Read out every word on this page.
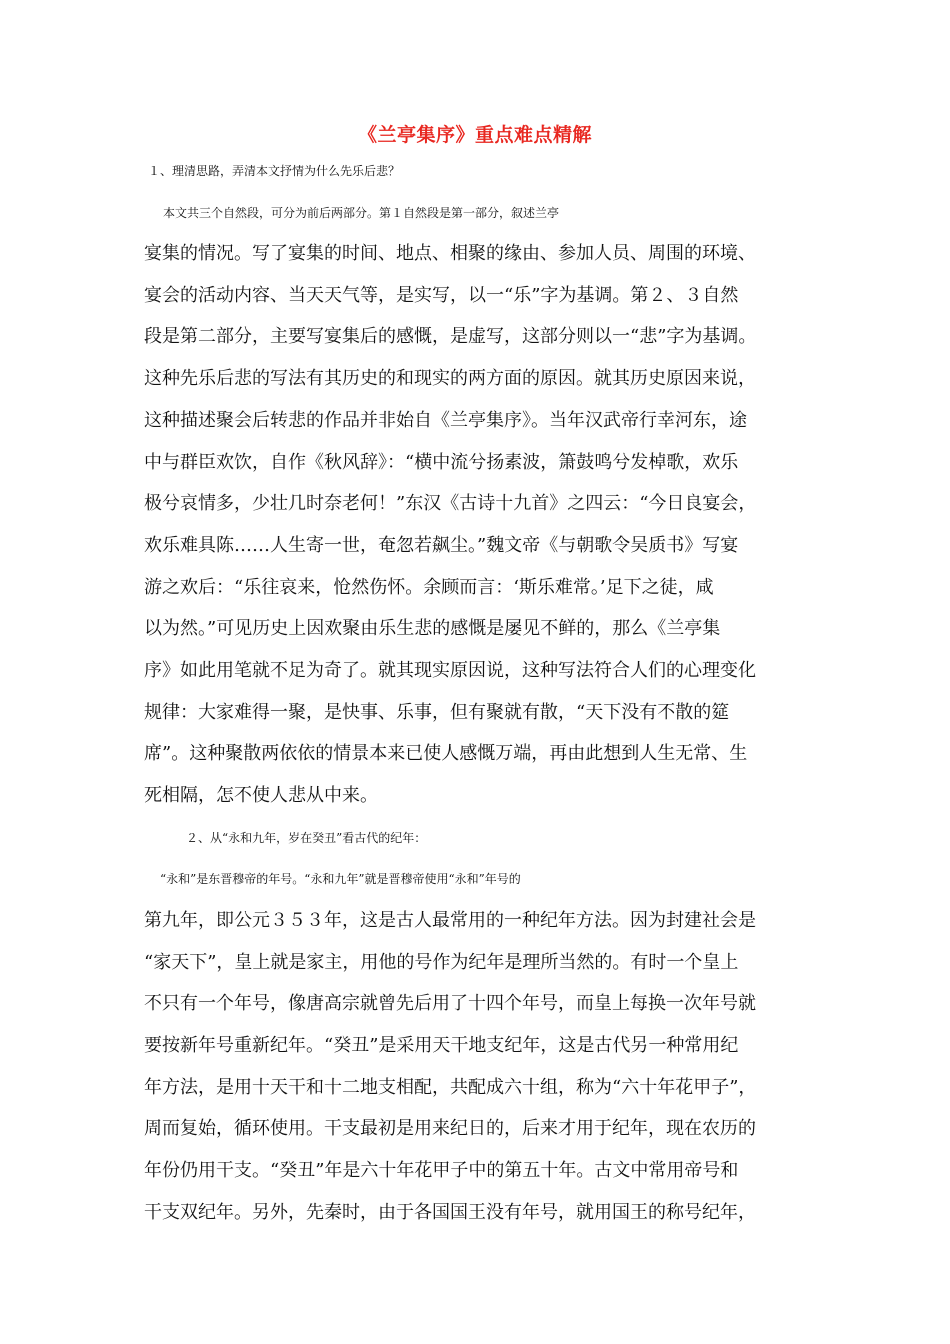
《兰亭集序》重点难点精解
１、理清思路，弄清本文抒情为什么先乐后悲？
本文共三个自然段，可分为前后两部分。第１自然段是第一部分，叙述兰亭
宴集的情况。写了宴集的时间、地点、相聚的缘由、参加人员、周围的环境、
宴会的活动内容、当天天气等，是实写，以一“乐”字为基调。第２、３自然
段是第二部分，主要写宴集后的感慨，是虚写，这部分则以一“悲”字为基调。
这种先乐后悲的写法有其历史的和现实的两方面的原因。就其历史原因来说，
这种描述聚会后转悲的作品并非始自《兰亭集序》。当年汉武帝行幸河东，途
中与群臣欢饮，自作《秋风辞》：“横中流兮扬素波，箫鼓鸣兮发棹歌，欢乐
极兮哀情多，少壮几时奈老何！”东汉《古诗十九首》之四云：“今日良宴会，
欢乐难具陈……人生寄一世，奄忽若飙尘。”魏文帝《与朝歌令吴质书》写宴
游之欢后：“乐往哀来，怆然伤怀。余顾而言：‘斯乐难常。’足下之徒，咸
以为然。”可见历史上因欢聚由乐生悲的感慨是屡见不鲜的，那么《兰亭集
序》如此用笔就不足为奇了。就其现实原因说，这种写法符合人们的心理变化
规律：大家难得一聚，是快事、乐事，但有聚就有散，“天下没有不散的筵
席”。这种聚散两依依的情景本来已使人感慨万端，再由此想到人生无常、生
死相隔，怎不使人悲从中来。
２、从“永和九年，岁在癸丑”看古代的纪年：
“永和”是东晋穆帝的年号。“永和九年”就是晋穆帝使用“永和”年号的
第九年，即公元３５３年，这是古人最常用的一种纪年方法。因为封建社会是
“家天下”，皇上就是家主，用他的号作为纪年是理所当然的。有时一个皇上
不只有一个年号，像唐高宗就曾先后用了十四个年号，而皇上每换一次年号就
要按新年号重新纪年。“癸丑”是采用天干地支纪年，这是古代另一种常用纪
年方法，是用十天干和十二地支相配，共配成六十组，称为“六十年花甲子”，
周而复始，循环使用。干支最初是用来纪日的，后来才用于纪年，现在农历的
年份仍用干支。“癸丑”年是六十年花甲子中的第五十年。古文中常用帝号和
干支双纪年。另外，先秦时，由于各国国王没有年号，就用国王的称号纪年，
